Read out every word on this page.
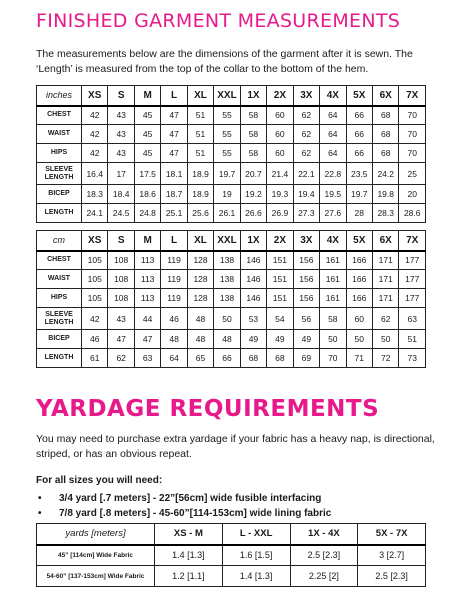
FINISHED GARMENT MEASUREMENTS
The measurements below are the dimensions of the garment after it is sewn. The ‘Length’ is measured from the top of the collar to the bottom of the hem.
inches	XS	S	M	L	XL	XXL	1X	2X	3X	4X	5X	6X	7X
CHEST	42	43	45	47	51	55	58	60	62	64	66	68	70
WAIST	42	43	45	47	51	55	58	60	62	64	66	68	70
HIPS	42	43	45	47	51	55	58	60	62	64	66	68	70
SLEEVE LENGTH	16.4	17	17.5	18.1	18.9	19.7	20.7	21.4	22.1	22.8	23.5	24.2	25
BICEP	18.3	18.4	18.6	18.7	18.9	19	19.2	19.3	19.4	19.5	19.7	19.8	20
LENGTH	24.1	24.5	24.8	25.1	25.6	26.1	26.6	26.9	27.3	27.6	28	28.3	28.6
cm	XS	S	M	L	XL	XXL	1X	2X	3X	4X	5X	6X	7X
CHEST	105	108	113	119	128	138	146	151	156	161	166	171	177
WAIST	105	108	113	119	128	138	146	151	156	161	166	171	177
HIPS	105	108	113	119	128	138	146	151	156	161	166	171	177
SLEEVE LENGTH	42	43	44	46	48	50	53	54	56	58	60	62	63
BICEP	46	47	47	48	48	48	49	49	49	50	50	50	51
LENGTH	61	62	63	64	65	66	68	68	69	70	71	72	73
YARDAGE REQUIREMENTS
You may need to purchase extra yardage if your fabric has a heavy nap, is directional, striped, or has an obvious repeat.
For all sizes you will need:
• 3/4 yard [.7 meters] - 22”[56cm] wide fusible interfacing
• 7/8 yard [.8 meters] - 45-60”[114-153cm] wide lining fabric
yards [meters]	XS - M	L - XXL	1X - 4X	5X - 7X
45” [114cm] Wide Fabric	1.4 [1.3]	1.6 [1.5]	2.5 [2.3]	3 [2.7]
54-60” [137-153cm] Wide Fabric	1.2 [1.1]	1.4 [1.3]	2.25 [2]	2.5 [2.3]
